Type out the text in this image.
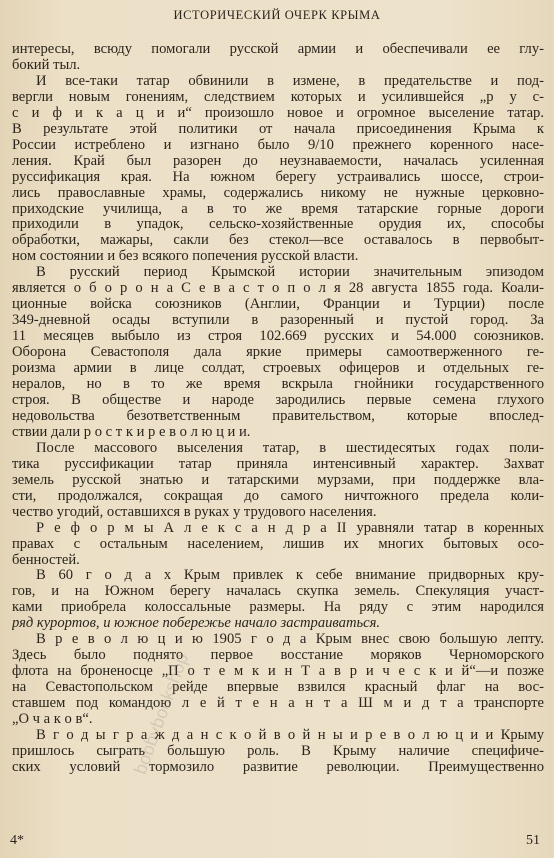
ИСТОРИЧЕСКИЙ ОЧЕРК КРЫМА
интересы, всюду помогали русской армии и обеспечивали ее глу-
бокий тыл.
И все-таки татар обвинили в измене, в предательстве и под-
вергли новым гонениям, следствием которых и усилившейся „р у с-
с и ф и к а ц и и“ произошло новое и огромное выселение татар.
В результате этой политики от начала присоединения Крыма к
России истреблено и изгнано было 9/10 прежнего коренного насе-
ления. Край был разорен до неузнаваемости, началась усиленная
руссификация края. На южном берегу устраивались шоссе, строи-
лись православные храмы, содержались никому не нужные церковно-
приходские училища, а в то же время татарские горные дороги
приходили в упадок, сельско-хозяйственные орудия их, способы
обработки, мажары, сакли без стекол—все оставалось в первобыт-
ном состоянии и без всякого попечения русской власти.
В русский период Крымской истории значительным эпизодом
является о б о р о н а С е в а с т о п о л я 28 августа 1855 года. Коали-
ционные войска союзников (Англии, Франции и Турции) после
349-дневной осады вступили в разоренный и пустой город. За
11 месяцев выбыло из строя 102.669 русских и 54.000 союзников.
Оборона Севастополя дала яркие примеры самоотверженного ге-
роизма армии в лице солдат, строевых офицеров и отдельных ге-
нералов, но в то же время вскрыла гнойники государственного
строя. В обществе и народе зародились первые семена глухого
недовольства безответственным правительством, которые впослед-
ствии дали р о с т к и р е в о л ю ц и и.
После массового выселения татар, в шестидесятых годах поли-
тика руссификации татар приняла интенсивный характер. Захват
земель русской знатью и татарскими мурзами, при поддержке вла-
сти, продолжался, сокращая до самого ничтожного предела коли-
чество угодий, оставшихся в руках у трудового населения.
Р е ф о р м ы А л е к с а н д р а II уравняли татар в коренных
правах с остальным населением, лишив их многих бытовых осо-
бенностей.
В 60 г о д а х Крым привлек к себе внимание придворных кру-
гов, и на Южном берегу началась скупка земель. Спекуляция участ-
ками приобрела колоссальные размеры. На ряду с этим народился
ряд курортов, и южное побережье начало застраиваться.
В р е в о л ю ц и ю 1905 г о д а Крым внес свою большую лепту.
Здесь было поднято первое восстание моряков Черноморского
флота на броненосце „П о т е м к и н Т а в р и ч е с к и й“—и позже
на Севастопольском рейде впервые взвился красный флаг на вос-
ставшем под командою л е й т е н а н т а Ш м и д т а транспорте
„О ч а к о в“.
В г о д ы г р а ж д а н с к о й в о й н ы и р е в о л ю ц и и Крыму
пришлось сыграть большую роль. В Крыму наличие специфиче-
ских условий тормозило развитие революции. Преимущественно
bobbybookshop
4*	51
